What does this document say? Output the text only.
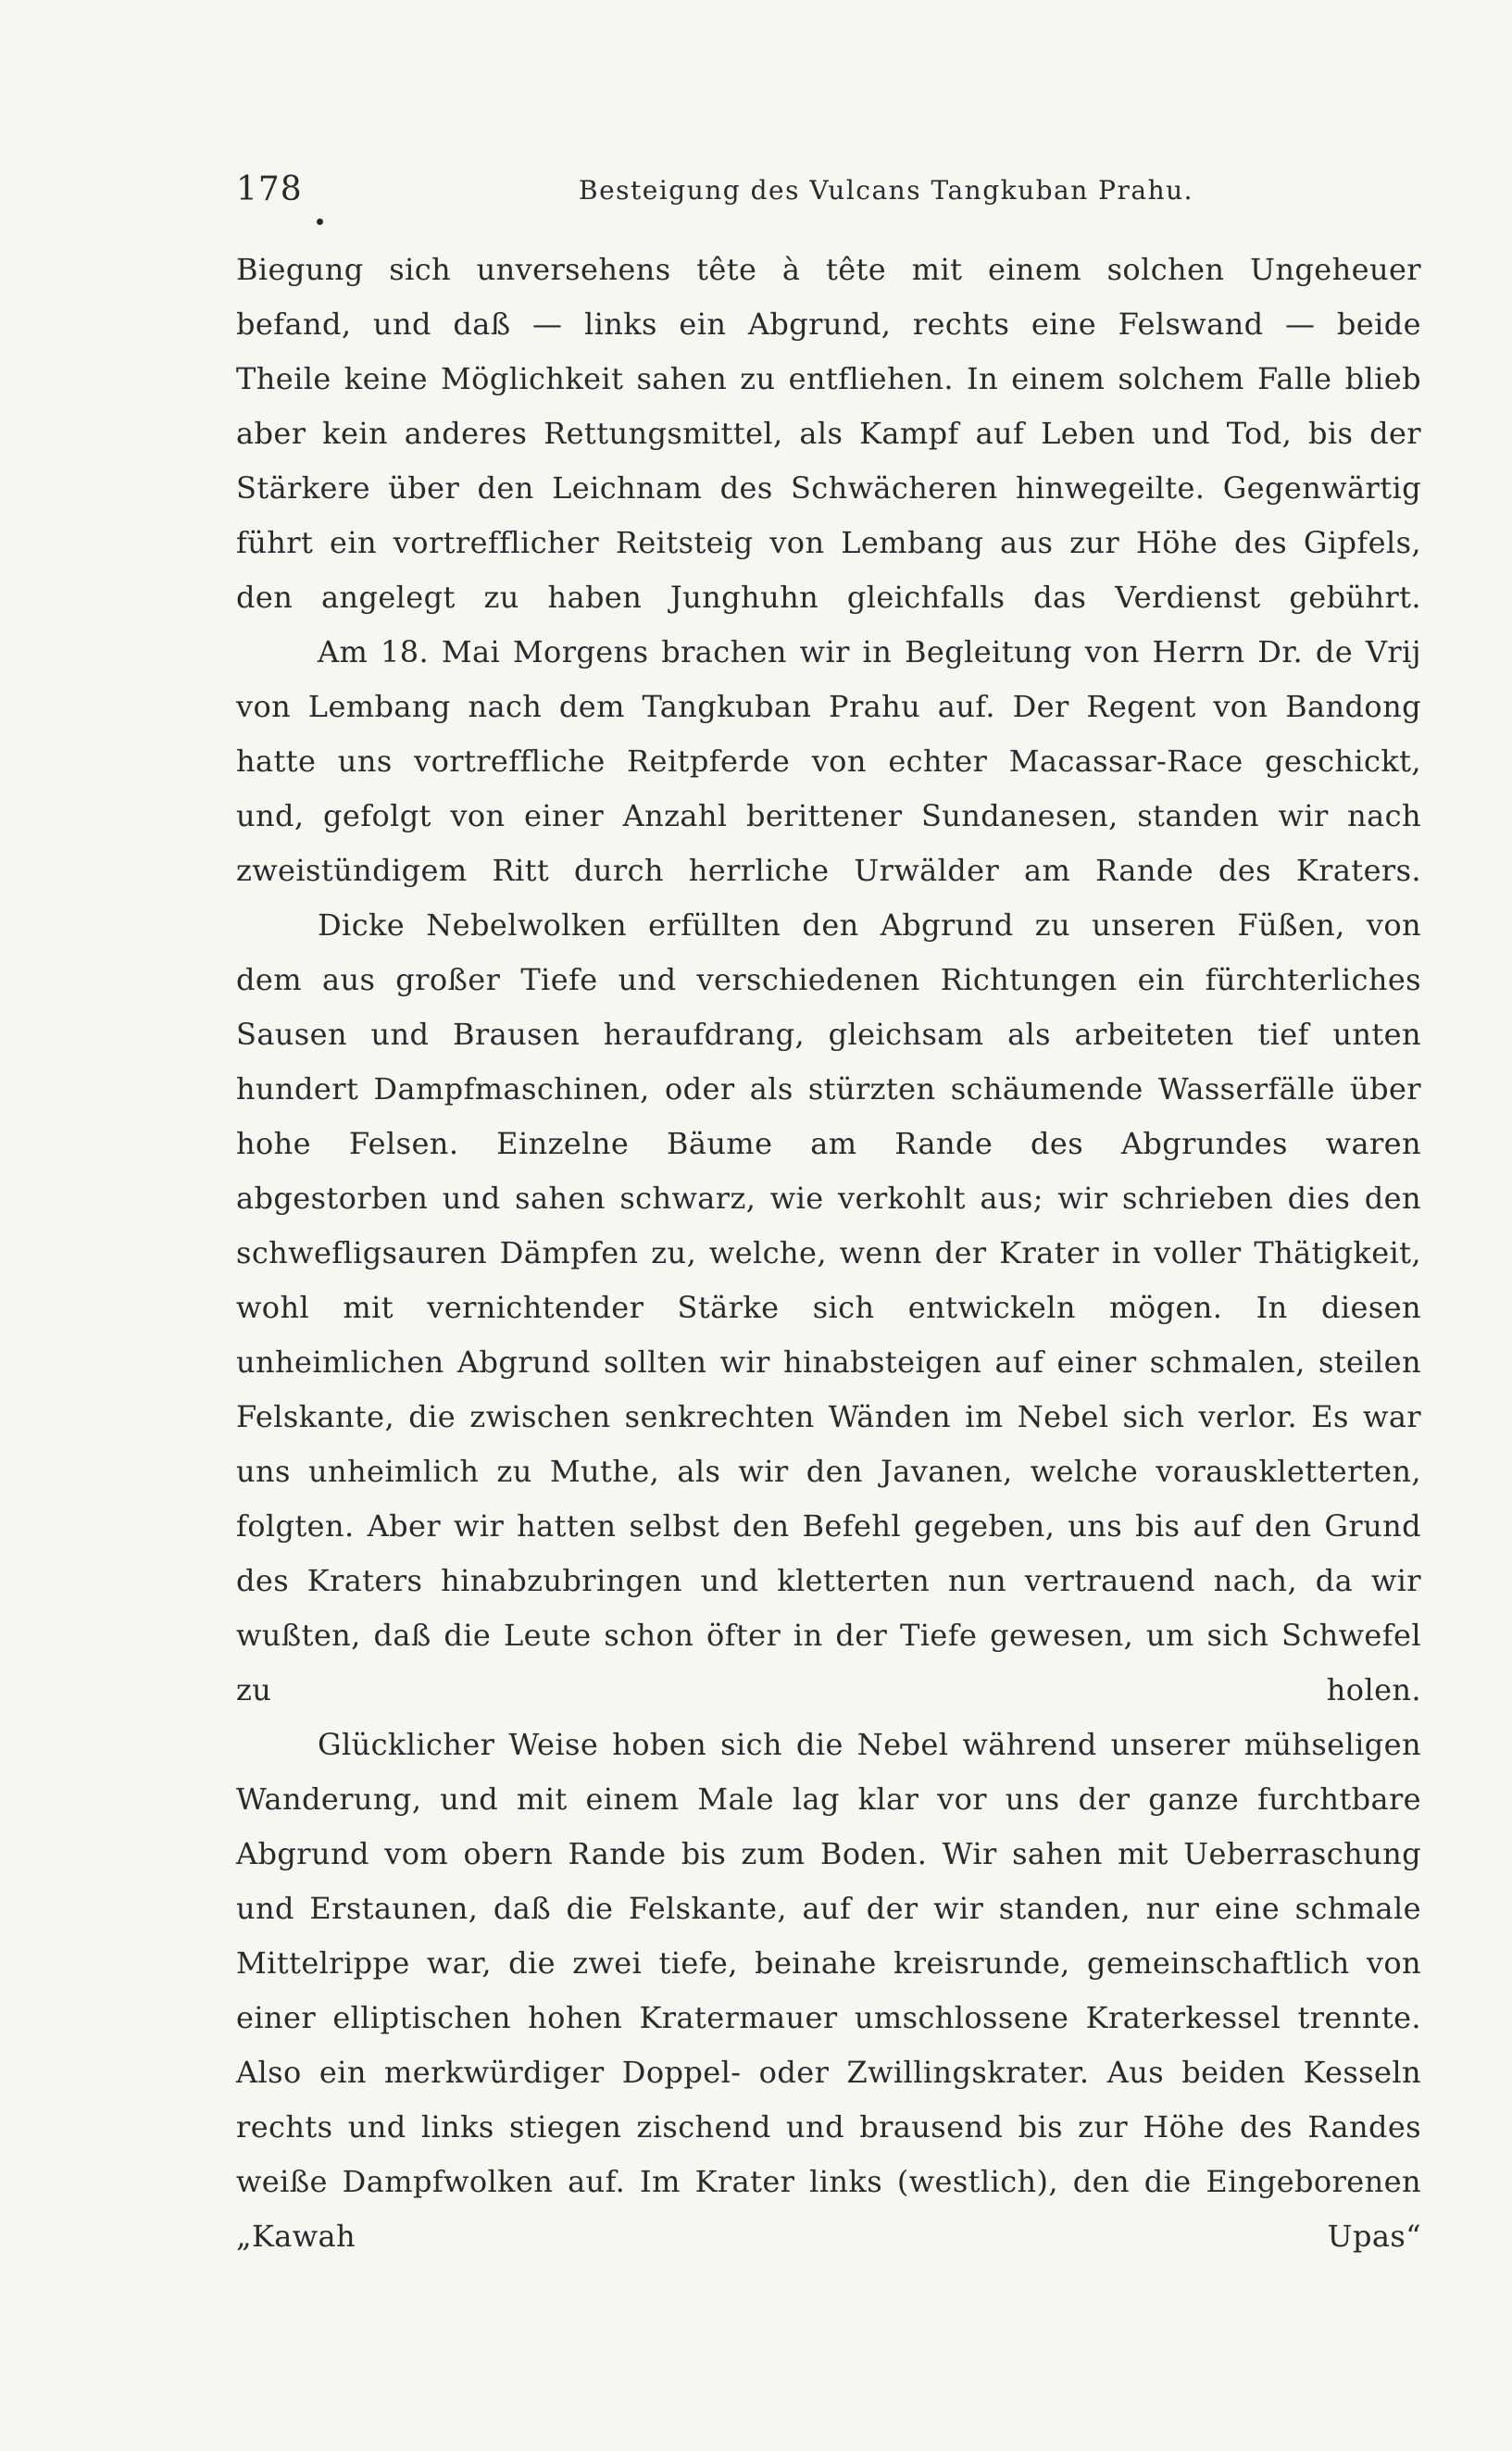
178	Besteigung des Vulcans Tangkuban Prahu.

Biegung sich unversehens tête à tête mit einem solchen Ungeheuer befand, und daß — links ein Abgrund, rechts eine Felswand — beide Theile keine Möglichkeit sahen zu entfliehen. In einem solchem Falle blieb aber kein anderes Rettungsmittel, als Kampf auf Leben und Tod, bis der Stärkere über den Leichnam des Schwächeren hinwegeilte. Gegenwärtig führt ein vortrefflicher Reitsteig von Lembang aus zur Höhe des Gipfels, den angelegt zu haben Junghuhn gleichfalls das Verdienst gebührt.

Am 18. Mai Morgens brachen wir in Begleitung von Herrn Dr. de Vrij von Lembang nach dem Tangkuban Prahu auf. Der Regent von Bandong hatte uns vortreffliche Reitpferde von echter Macassar-Race geschickt, und, gefolgt von einer Anzahl berittener Sundanesen, standen wir nach zweistündigem Ritt durch herrliche Urwälder am Rande des Kraters.

Dicke Nebelwolken erfüllten den Abgrund zu unseren Füßen, von dem aus großer Tiefe und verschiedenen Richtungen ein fürchterliches Sausen und Brausen heraufdrang, gleichsam als arbeiteten tief unten hundert Dampfmaschinen, oder als stürzten schäumende Wasserfälle über hohe Felsen. Einzelne Bäume am Rande des Abgrundes waren abgestorben und sahen schwarz, wie verkohlt aus; wir schrieben dies den schwefligsauren Dämpfen zu, welche, wenn der Krater in voller Thätigkeit, wohl mit vernichtender Stärke sich entwickeln mögen. In diesen unheimlichen Abgrund sollten wir hinabsteigen auf einer schmalen, steilen Felskante, die zwischen senkrechten Wänden im Nebel sich verlor. Es war uns unheimlich zu Muthe, als wir den Javanen, welche vorauskletterten, folgten. Aber wir hatten selbst den Befehl gegeben, uns bis auf den Grund des Kraters hinabzubringen und kletterten nun vertrauend nach, da wir wußten, daß die Leute schon öfter in der Tiefe gewesen, um sich Schwefel zu holen.

Glücklicher Weise hoben sich die Nebel während unserer mühseligen Wanderung, und mit einem Male lag klar vor uns der ganze furchtbare Abgrund vom obern Rande bis zum Boden. Wir sahen mit Ueberraschung und Erstaunen, daß die Felskante, auf der wir standen, nur eine schmale Mittelrippe war, die zwei tiefe, beinahe kreisrunde, gemeinschaftlich von einer elliptischen hohen Kratermauer umschlossene Kraterkessel trennte. Also ein merkwürdiger Doppel- oder Zwillingskrater. Aus beiden Kesseln rechts und links stiegen zischend und brausend bis zur Höhe des Randes weiße Dampfwolken auf. Im Krater links (westlich), den die Eingeborenen „Kawah Upas“
